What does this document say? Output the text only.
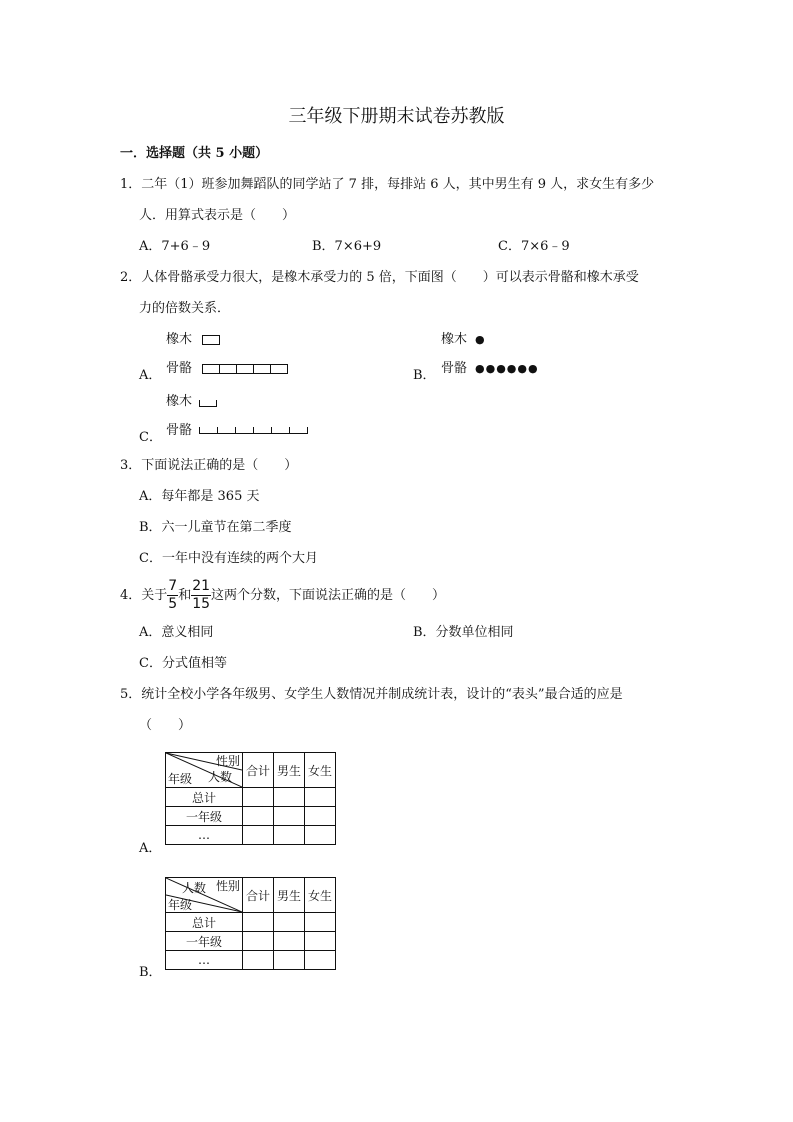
三年级下册期末试卷苏教版
一．选择题（共 5 小题）
1．二年（1）班参加舞蹈队的同学站了 7 排，每排站 6 人，其中男生有 9 人，求女生有多少
人．用算式表示是（　　）
A．7+6﹣9	B．7×6+9	C．7×6﹣9
2．人体骨骼承受力很大，是橡木承受力的 5 倍，下面图（　　）可以表示骨骼和橡木承受
力的倍数关系．
橡木
A． 骨骼
橡木 ●
B． 骨骼 ●●●●●●
橡木
C． 骨骼
3．下面说法正确的是（　　）
A．每年都是 365 天
B．六一儿童节在第二季度
C．一年中没有连续的两个大月
4．关于 $\frac{7}{5}$ 和 $\frac{21}{15}$ 这两个分数，下面说法正确的是（　　）
A．意义相同	B．分数单位相同
C．分式值相等
5．统计全校小学各年级男、女学生人数情况并制成统计表，设计的“表头”最合适的应是
（　　）
性别
人数
年级	合计	男生	女生
总计			
一年级			
…			
A．
性别
人数
年级	合计	男生	女生
总计			
一年级			
…			
B．
